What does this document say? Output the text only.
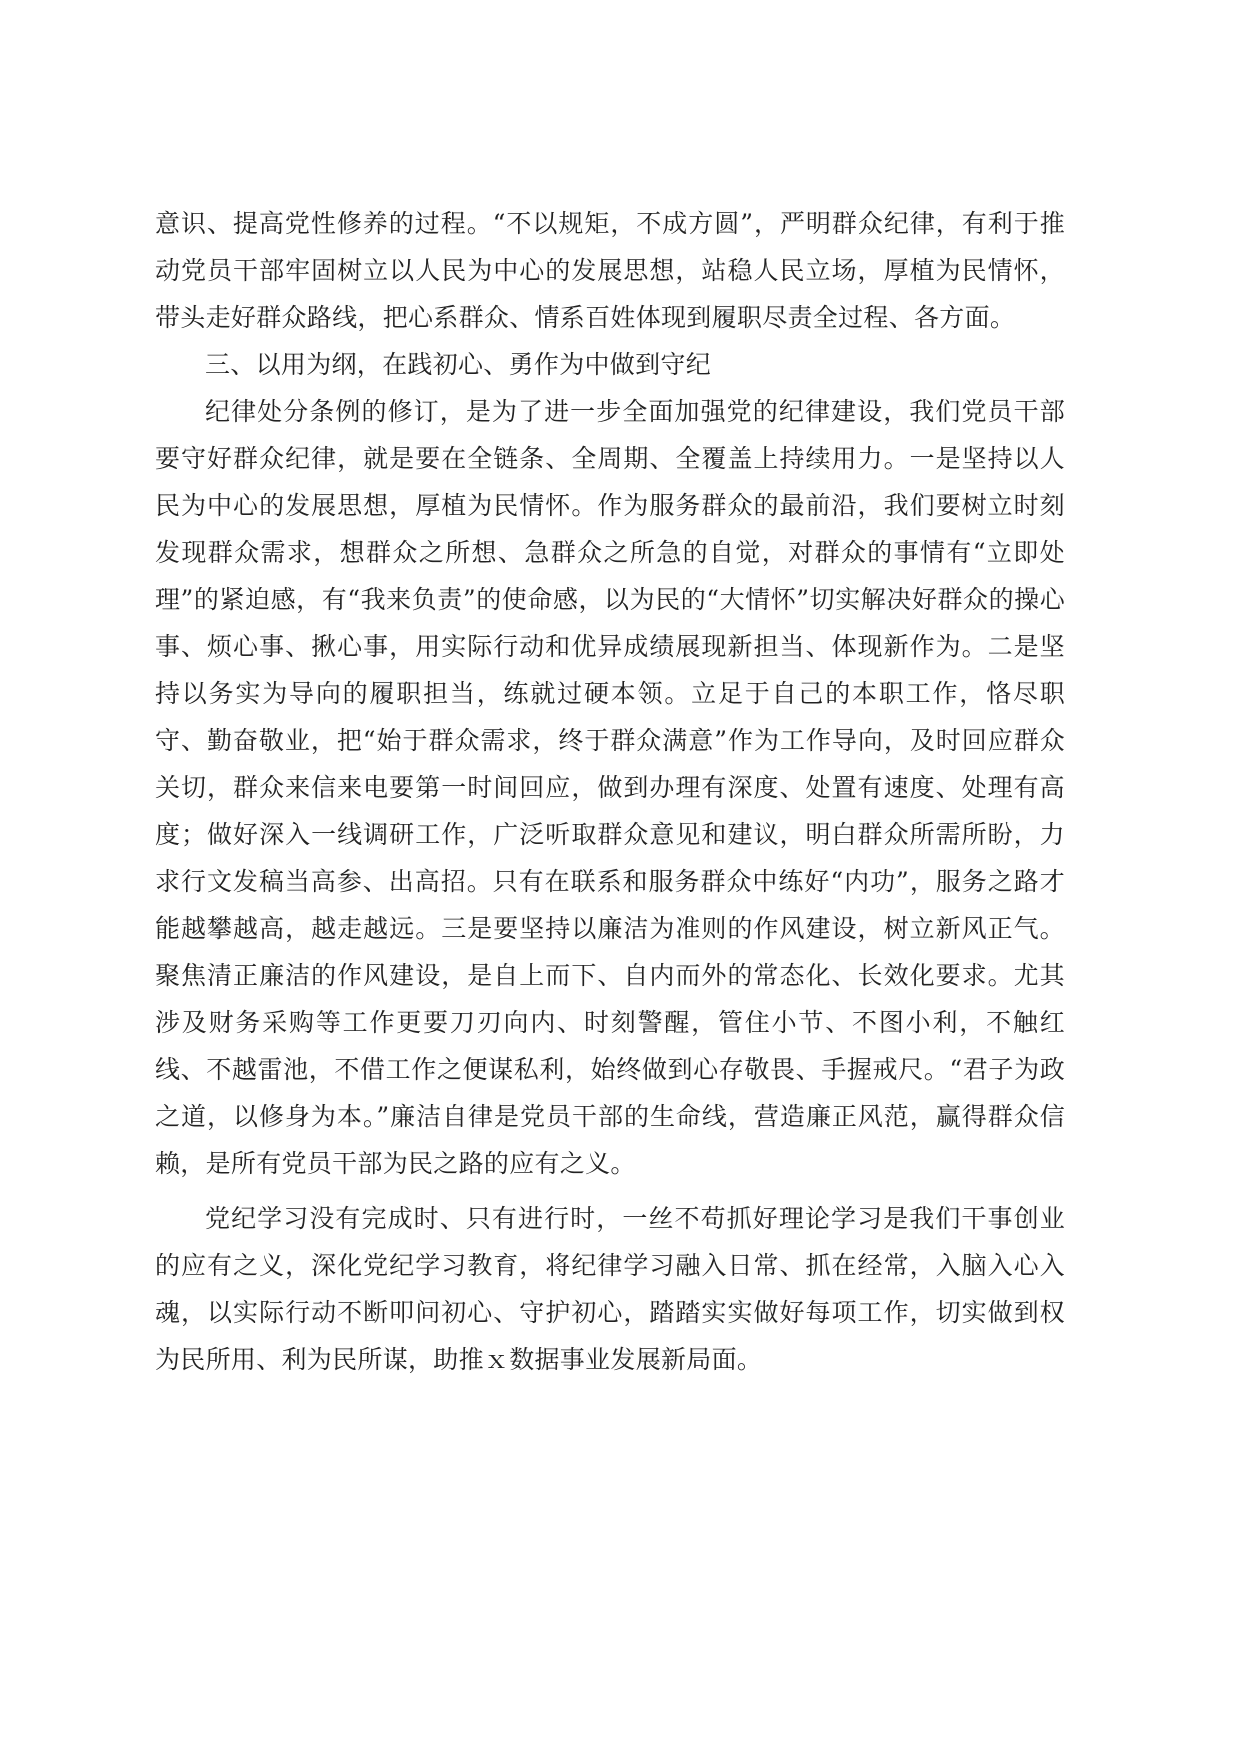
意识、提高党性修养的过程。“不以规矩，不成方圆”，严明群众纪律，有利于推动党员干部牢固树立以人民为中心的发展思想，站稳人民立场，厚植为民情怀，带头走好群众路线，把心系群众、情系百姓体现到履职尽责全过程、各方面。

三、以用为纲，在践初心、勇作为中做到守纪

纪律处分条例的修订，是为了进一步全面加强党的纪律建设，我们党员干部要守好群众纪律，就是要在全链条、全周期、全覆盖上持续用力。一是坚持以人民为中心的发展思想，厚植为民情怀。作为服务群众的最前沿，我们要树立时刻发现群众需求，想群众之所想、急群众之所急的自觉，对群众的事情有“立即处理”的紧迫感，有“我来负责”的使命感，以为民的“大情怀”切实解决好群众的操心事、烦心事、揪心事，用实际行动和优异成绩展现新担当、体现新作为。二是坚持以务实为导向的履职担当，练就过硬本领。立足于自己的本职工作，恪尽职守、勤奋敬业，把“始于群众需求，终于群众满意”作为工作导向，及时回应群众关切，群众来信来电要第一时间回应，做到办理有深度、处置有速度、处理有高度；做好深入一线调研工作，广泛听取群众意见和建议，明白群众所需所盼，力求行文发稿当高参、出高招。只有在联系和服务群众中练好“内功”，服务之路才能越攀越高，越走越远。三是要坚持以廉洁为准则的作风建设，树立新风正气。聚焦清正廉洁的作风建设，是自上而下、自内而外的常态化、长效化要求。尤其涉及财务采购等工作更要刀刃向内、时刻警醒，管住小节、不图小利，不触红线、不越雷池，不借工作之便谋私利，始终做到心存敬畏、手握戒尺。“君子为政之道，以修身为本。”廉洁自律是党员干部的生命线，营造廉正风范，赢得群众信赖，是所有党员干部为民之路的应有之义。

党纪学习没有完成时、只有进行时，一丝不苟抓好理论学习是我们干事创业的应有之义，深化党纪学习教育，将纪律学习融入日常、抓在经常，入脑入心入魂，以实际行动不断叩问初心、守护初心，踏踏实实做好每项工作，切实做到权为民所用、利为民所谋，助推ｘ数据事业发展新局面。
